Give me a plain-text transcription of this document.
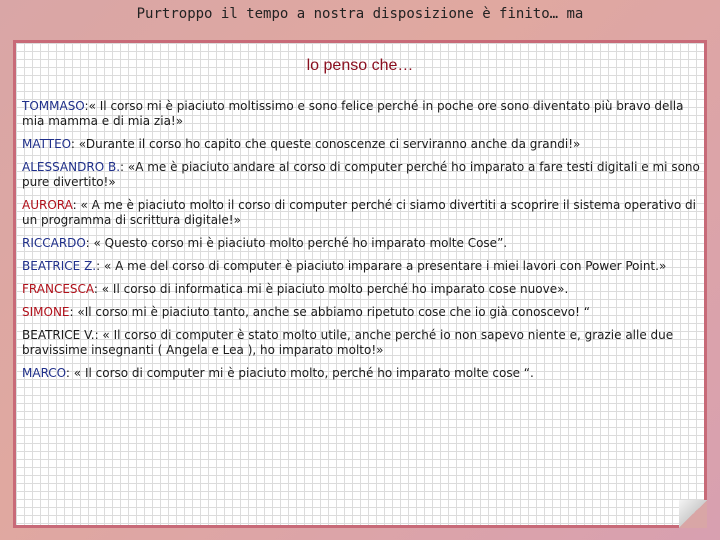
Purtroppo il tempo a nostra disposizione è finito… ma
lo penso che…

TOMMASO:« Il corso mi è piaciuto moltissimo e sono felice perché in poche ore sono diventato più bravo della mia mamma e di mia zia!»

MATTEO: «Durante il corso ho capito che queste conoscenze ci serviranno anche da grandi!»

ALESSANDRO B.: «A me è piaciuto andare al corso di computer perché ho imparato a fare testi digitali e mi sono pure divertito!»

AURORA: « A me è piaciuto molto il corso di computer perché ci siamo divertiti a scoprire il sistema operativo di un programma di scrittura digitale!»

RICCARDO: « Questo corso mi è piaciuto molto perché ho imparato molte Cose”.

BEATRICE Z.: « A me del corso di computer è piaciuto imparare a presentare i miei lavori con Power Point.»

FRANCESCA: « Il corso di informatica mi è piaciuto molto perché ho imparato cose nuove».

SIMONE: «Il corso mi è piaciuto tanto, anche se abbiamo ripetuto cose che io già conoscevo! “

BEATRICE V.: « Il corso di computer è stato molto utile, anche perché io non sapevo niente e, grazie alle due bravissime insegnanti ( Angela e Lea ), ho imparato molto!»

MARCO: « Il corso di computer mi è piaciuto molto, perché ho imparato molte cose “.
